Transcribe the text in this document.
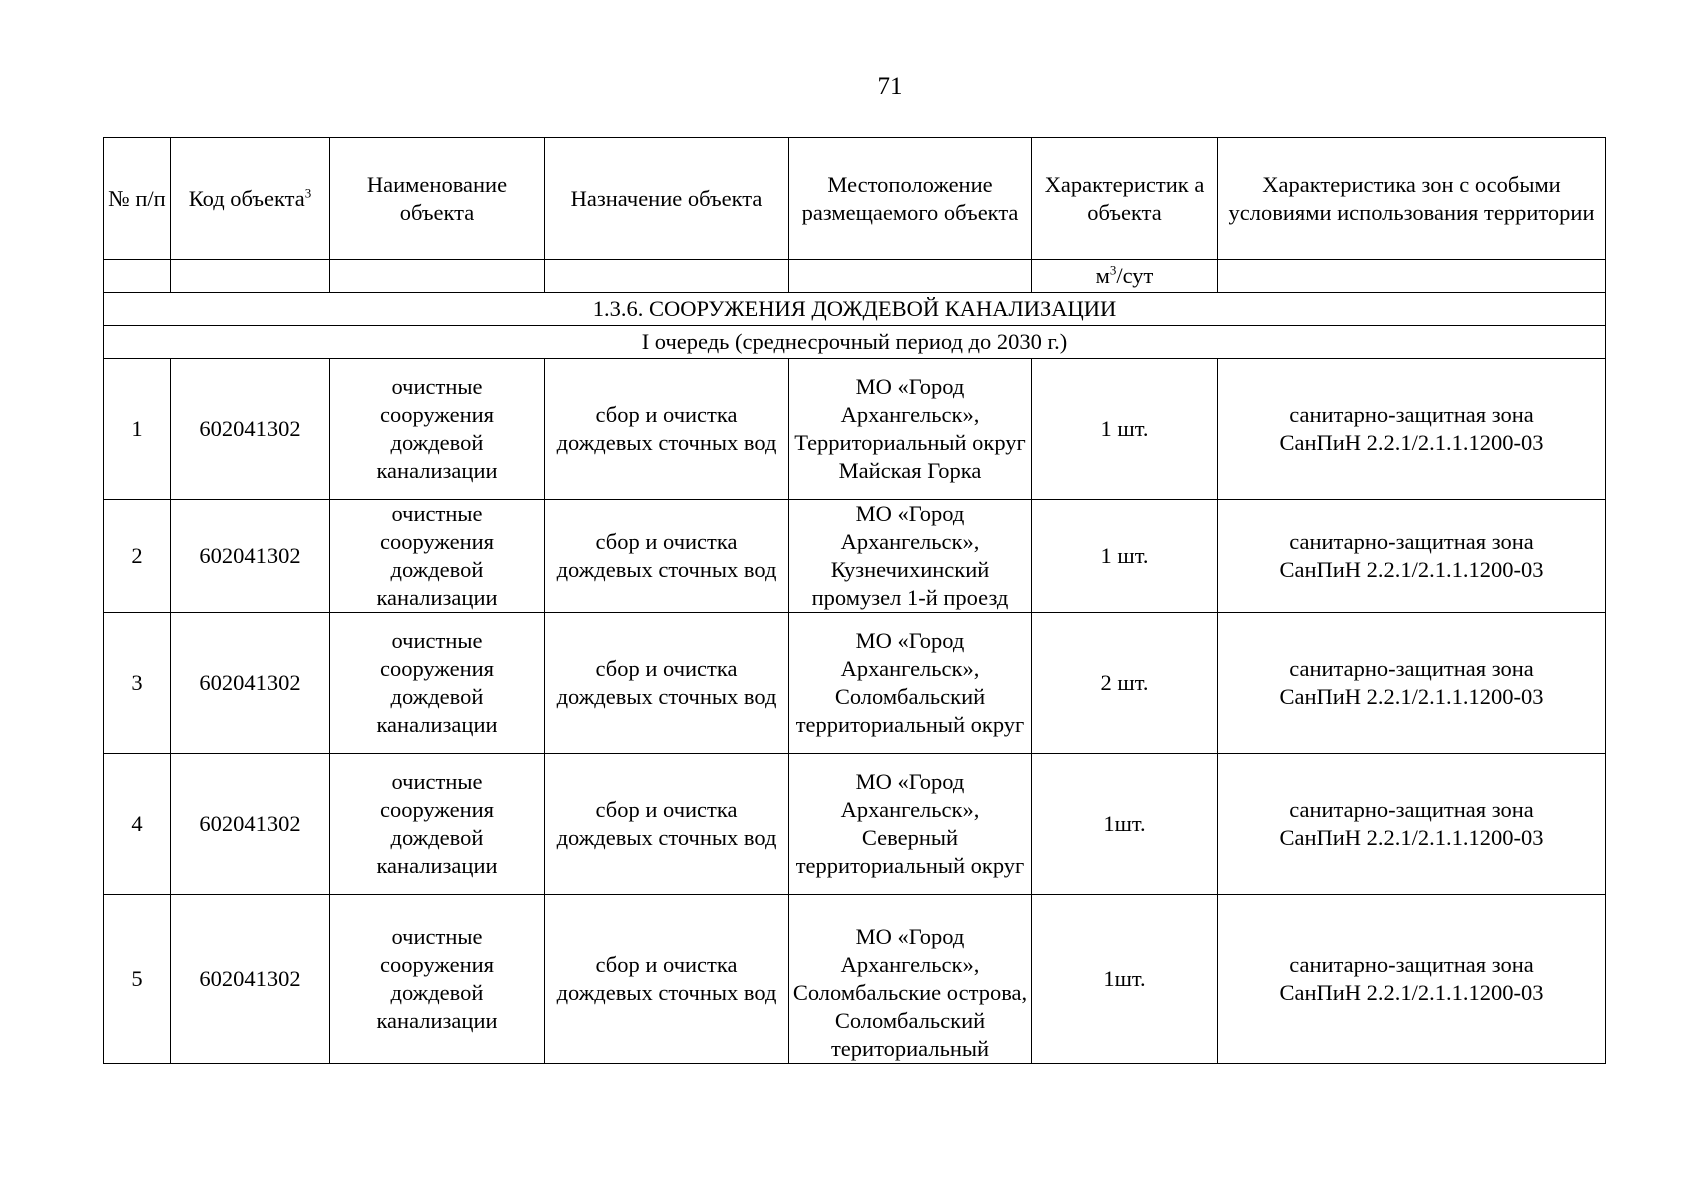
71
№ п/п	Код объекта$^3$	Наименование объекта	Назначение объекта	Местоположение размещаемого объекта	Характеристик а объекта	Характеристика зон с особыми условиями использования территории
					$м^3$/сут	
1.3.6. СООРУЖЕНИЯ ДОЖДЕВОЙ КАНАЛИЗАЦИИ						
I очередь (среднесрочный период до 2030 г.)						
1	602041302	очистные сооружения дождевой канализации	сбор и очистка дождевых сточных вод	МО «Город Архангельск», Территориальный округ Майская Горка	1 шт.	санитарно-защитная зона
СанПиН 2.2.1/2.1.1.1200-03
2	602041302	очистные сооружения дождевой канализации	сбор и очистка дождевых сточных вод	МО «Город Архангельск», Кузнечихинский промузел 1-й проезд	1 шт.	санитарно-защитная зона
СанПиН 2.2.1/2.1.1.1200-03
3	602041302	очистные сооружения дождевой канализации	сбор и очистка дождевых сточных вод	МО «Город Архангельск», Соломбальский территориальный округ	2 шт.	санитарно-защитная зона
СанПиН 2.2.1/2.1.1.1200-03
4	602041302	очистные сооружения дождевой канализации	сбор и очистка дождевых сточных вод	МО «Город Архангельск», Северный территориальный округ	1шт.	санитарно-защитная зона
СанПиН 2.2.1/2.1.1.1200-03
5	602041302	очистные сооружения дождевой канализации	сбор и очистка дождевых сточных вод	МО «Город Архангельск», Соломбальские острова, Соломбальский териториальный	1шт.	санитарно-защитная зона
СанПиН 2.2.1/2.1.1.1200-03
